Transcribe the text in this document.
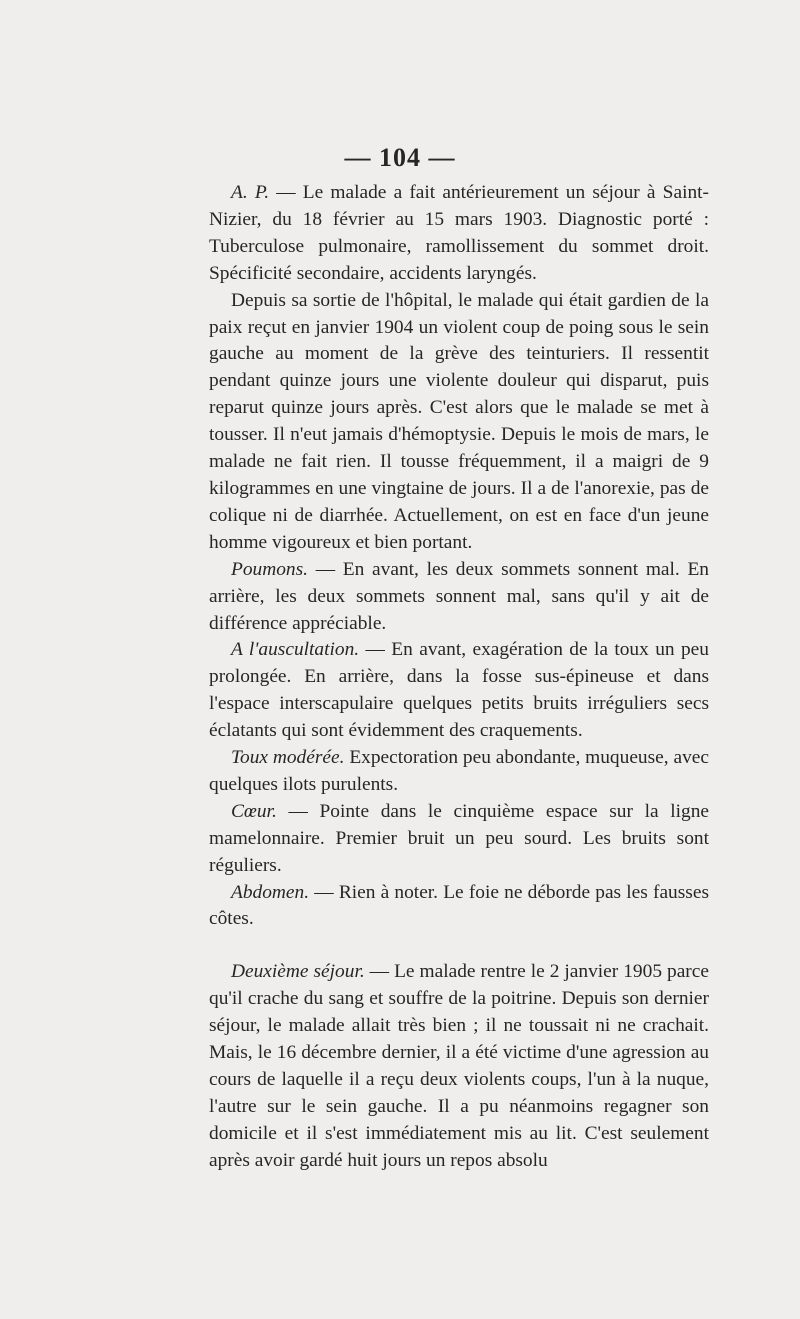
— 104 —

A. P. — Le malade a fait antérieurement un séjour à Saint-Nizier, du 18 février au 15 mars 1903. Diagnostic porté : Tuberculose pulmonaire, ramollissement du sommet droit. Spécificité secondaire, accidents laryngés.

Depuis sa sortie de l'hôpital, le malade qui était gardien de la paix reçut en janvier 1904 un violent coup de poing sous le sein gauche au moment de la grève des teinturiers. Il ressentit pendant quinze jours une violente douleur qui disparut, puis reparut quinze jours après. C'est alors que le malade se met à tousser. Il n'eut jamais d'hémoptysie. Depuis le mois de mars, le malade ne fait rien. Il tousse fréquemment, il a maigri de 9 kilogrammes en une vingtaine de jours. Il a de l'anorexie, pas de colique ni de diarrhée. Actuellement, on est en face d'un jeune homme vigoureux et bien portant.

Poumons. — En avant, les deux sommets sonnent mal. En arrière, les deux sommets sonnent mal, sans qu'il y ait de différence appréciable.

A l'auscultation. — En avant, exagération de la toux un peu prolongée. En arrière, dans la fosse sus-épineuse et dans l'espace interscapulaire quelques petits bruits irréguliers secs éclatants qui sont évidemment des craquements.

Toux modérée. Expectoration peu abondante, muqueuse, avec quelques ilots purulents.

Cœur. — Pointe dans le cinquième espace sur la ligne mamelonnaire. Premier bruit un peu sourd. Les bruits sont réguliers.

Abdomen. — Rien à noter. Le foie ne déborde pas les fausses côtes.

Deuxième séjour. — Le malade rentre le 2 janvier 1905 parce qu'il crache du sang et souffre de la poitrine. Depuis son dernier séjour, le malade allait très bien ; il ne toussait ni ne crachait. Mais, le 16 décembre dernier, il a été victime d'une agression au cours de laquelle il a reçu deux violents coups, l'un à la nuque, l'autre sur le sein gauche. Il a pu néanmoins regagner son domicile et il s'est immédiatement mis au lit. C'est seulement après avoir gardé huit jours un repos absolu
